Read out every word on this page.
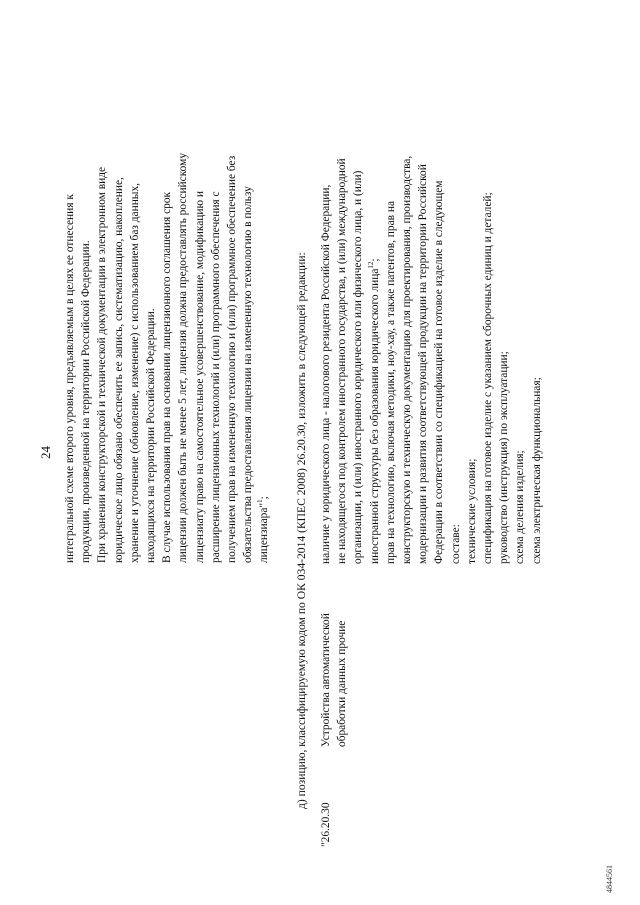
24 интегральной схеме второго уровня, предъявляемым в целях ее отнесения к продукции, произведенной на территории Российской Федерации. При хранении конструкторской и технической документации в электронном виде юридическое лицо обязано обеспечить ее запись, систематизацию, накопление, хранение и уточнение (обновление, изменение) с использованием баз данных, находящихся на территории Российской Федерации. В случае использования прав на основании лицензионного соглашения срок лицензии должен быть не менее 5 лет, лицензия должна предоставлять российскому лицензиату право на самостоятельное усовершенствование, модификацию и расширение лицензионных технологий и (или) программного обеспечения с получением прав на измененную технологию и (или) программное обеспечение без обязательства предоставления лицензии на измененную технологию в пользу лицензиара"$^1$; д) позицию, классифицируемую кодом по ОК 034-2014 (КПЕС 2008) 26.20.30, изложить в следующей редакции:
"26.20.30
Устройства автоматической обработки данных прочие
наличие у юридического лица - налогового резидента Российской Федерации, не находящегося под контролем иностранного государства, и (или) международной организации, и (или) иностранного юридического или физического лица, и (или) иностранной структуры без образования юридического лица$^{12}$; прав на технологию, включая методики, ноу-хау, а также патентов, прав на конструкторскую и техническую документацию для проектирования, производства, модернизации и развития соответствующей продукции на территории Российской Федерации в соответствии со спецификацией на готовое изделие в следующем составе: технические условия; спецификация на готовое изделие с указанием сборочных единиц и деталей; руководство (инструкция) по эксплуатации; схема деления изделия; схема электрическая функциональная;
4844561
